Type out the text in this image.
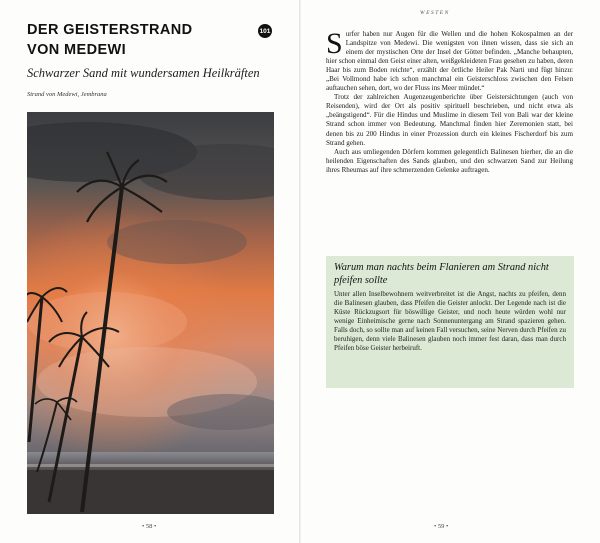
DER GEISTERSTRAND
VON MEDEWI
101
Schwarzer Sand mit wundersamen Heilkräften
Strand von Medewi, Jembrana
• 58 •
WESTEN

Surfer haben nur Augen für die Wellen und die hohen Kokospalmen an der Landspitze von Medewi. Die wenigsten von ihnen wissen, dass sie sich an einem der mystischen Orte der Insel der Götter befinden. „Manche behaupten, hier schon einmal den Geist einer alten, weißgekleideten Frau gesehen zu haben, deren Haar bis zum Boden reichte“, erzählt der örtliche Heiler Pak Narti und fügt hinzu: „Bei Vollmond habe ich schon manchmal ein Geisterschloss zwischen den Felsen auftauchen sehen, dort, wo der Fluss ins Meer mündet.“

Trotz der zahlreichen Augenzeugenberichte über Geistersichtungen (auch von Reisenden), wird der Ort als positiv spirituell beschrieben, und nicht etwa als „beängstigend“. Für die Hindus und Muslime in diesem Teil von Bali war der kleine Strand schon immer von Bedeutung. Manchmal finden hier Zeremonien statt, bei denen bis zu 200 Hindus in einer Prozession durch ein kleines Fischerdorf bis zum Strand gehen.

Auch aus umliegenden Dörfern kommen gelegentlich Balinesen hierher, die an die heilenden Eigenschaften des Sands glauben, und den schwarzen Sand zur Heilung ihres Rheumas auf ihre schmerzenden Gelenke auftragen.

Warum man nachts beim Flanieren am Strand nicht pfeifen sollte
Unter allen Inselbewohnern weitverbreitet ist die Angst, nachts zu pfeifen, denn die Balinesen glauben, dass Pfeifen die Geister anlockt. Der Legende nach ist die Küste Rückzugsort für böswillige Geister, und noch heute würden wohl nur wenige Einheimische gerne nach Sonnenuntergang am Strand spazieren gehen. Falls doch, so sollte man auf keinen Fall versuchen, seine Nerven durch Pfeifen zu beruhigen, denn viele Balinesen glauben noch immer fest daran, dass man durch Pfeifen böse Geister herbeiruft.
• 59 •
